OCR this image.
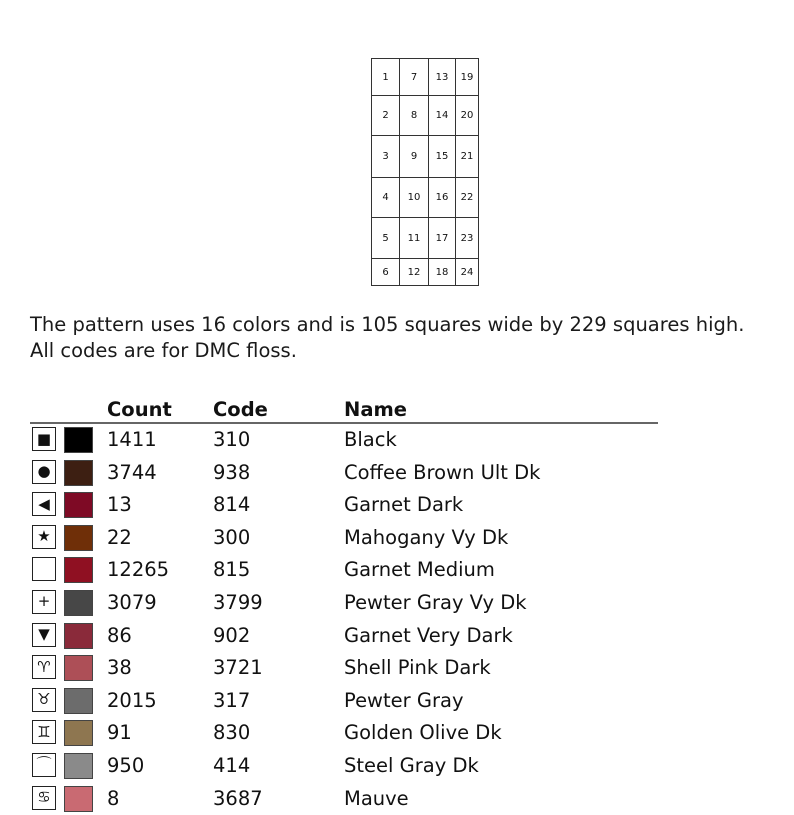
1	7	13	19
2	8	14	20
3	9	15	21
4	10	16	22
5	11	17	23
6	12	18	24
The pattern uses 16 colors and is 105 squares wide by 229 squares high.
All codes are for DMC floss.
Count Code	Name
■	1411	310	Black
●	3744	938	Coffee Brown Ult Dk
◀	13	814	Garnet Dark
★	22	300	Mahogany Vy Dk
12265 815	Garnet Medium
+	3079	3799	Pewter Gray Vy Dk
▼	86	902	Garnet Very Dark
♈	38	3721	Shell Pink Dark
♉	2015	317	Pewter Gray
♊	91	830	Golden Olive Dk
⌒	950	414	Steel Gray Dk
♋	8	3687	Mauve
